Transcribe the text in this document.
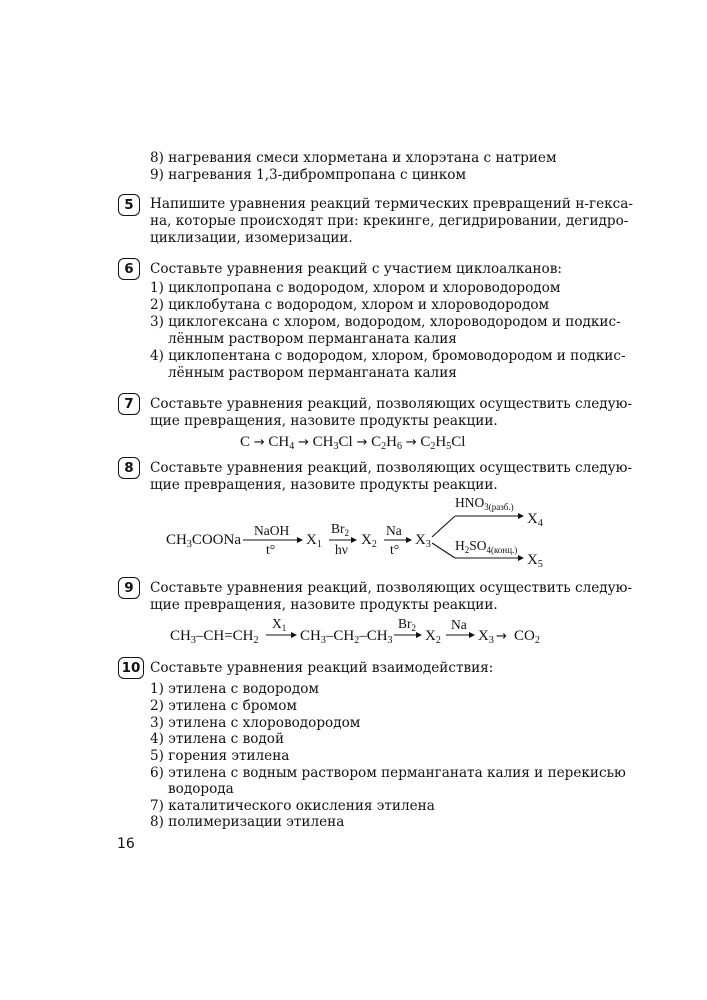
8) нагревания смеси хлорметана и хлорэтана с натрием
9) нагревания 1,3-дибромпропана с цинком
5	Напишите уравнения реакций термических превращений н-гекса-
на, которые происходят при: крекинге, дегидрировании, дегидро-
циклизации, изомеризации.
6	Составьте уравнения реакций с участием циклоалканов:
1) циклопропана с водородом, хлором и хлороводородом
2) циклобутана с водородом, хлором и хлороводородом
3) циклогексана с хлором, водородом, хлороводородом и подкис-
лённым раствором перманганата калия
4) циклопентана с водородом, хлором, бромоводородом и подкис-
лённым раствором перманганата калия
7	Составьте уравнения реакций, позволяющих осуществить следую-
щие превращения, назовите продукты реакции.
$C \to CH_4 \to CH_3Cl \to C_2H_6 \to C_2H_5Cl$
8	Составьте уравнения реакций, позволяющих осуществить следую-
щие превращения, назовите продукты реакции.
$CH_3COONa$
NaOH
t°
$X_1$
$Br_2$
hν
$X_2$
Na
t°
$X_3$
$HNO_{3(разб.)}$
$H_2SO_{4(конц.)}$
$X_4$
$X_5$
9	Составьте уравнения реакций, позволяющих осуществить следую-
щие превращения, назовите продукты реакции.
$CH_3-CH=CH_2$
$X_1$ $CH_3-CH_2-CH_3$
$Br_2$ $X_2$
Na
$X_3 \to CO_2$
10 Составьте уравнения реакций взаимодействия:
1) этилена с водородом
2) этилена с бромом
3) этилена с хлороводородом
4) этилена с водой
5) горения этилена
6) этилена с водным раствором перманганата калия и перекисью
водорода
7) каталитического окисления этилена
8) полимеризации этилена
16
